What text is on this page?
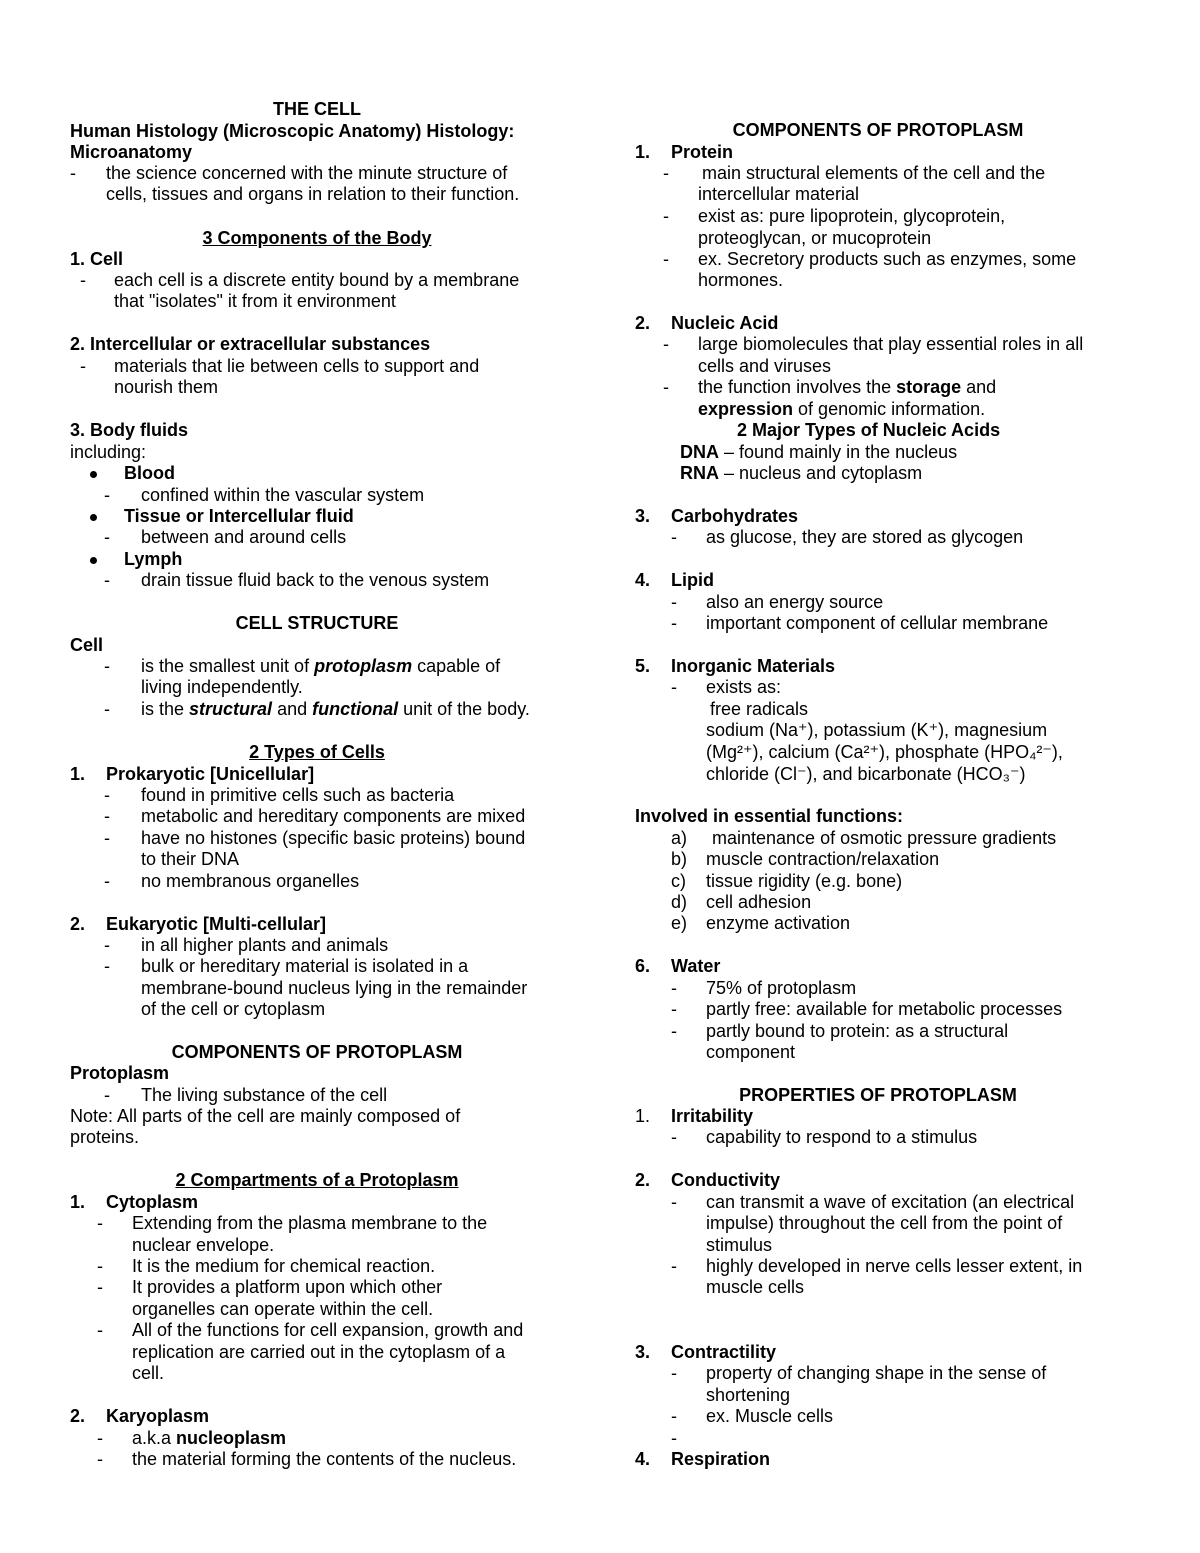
THE CELL
Human Histology (Microscopic Anatomy) Histology:
Microanatomy
- the science concerned with the minute structure of
cells, tissues and organs in relation to their function.
3 Components of the Body
1. Cell
- each cell is a discrete entity bound by a membrane
that "isolates" it from it environment
2. Intercellular or extracellular substances
- materials that lie between cells to support and
nourish them
3. Body fluids
including:
Blood
- confined within the vascular system
Tissue or Intercellular fluid
- between and around cells
Lymph
- drain tissue fluid back to the venous system
CELL STRUCTURE
Cell
- is the smallest unit of protoplasm capable of
living independently.
- is the structural and functional unit of the body.
2 Types of Cells
1. Prokaryotic [Unicellular]
- found in primitive cells such as bacteria
- metabolic and hereditary components are mixed
- have no histones (specific basic proteins) bound
to their DNA
- no membranous organelles
2. Eukaryotic [Multi-cellular]
- in all higher plants and animals
- bulk or hereditary material is isolated in a
membrane-bound nucleus lying in the remainder
of the cell or cytoplasm
COMPONENTS OF PROTOPLASM
Protoplasm
- The living substance of the cell
Note: All parts of the cell are mainly composed of
proteins.
2 Compartments of a Protoplasm
1. Cytoplasm
- Extending from the plasma membrane to the
nuclear envelope.
- It is the medium for chemical reaction.
- It provides a platform upon which other
organelles can operate within the cell.
- All of the functions for cell expansion, growth and
replication are carried out in the cytoplasm of a
cell.
2. Karyoplasm
- a.k.a nucleoplasm
- the material forming the contents of the nucleus.
COMPONENTS OF PROTOPLASM
1. Protein
- main structural elements of the cell and the
intercellular material
- exist as: pure lipoprotein, glycoprotein,
proteoglycan, or mucoprotein
- ex. Secretory products such as enzymes, some
hormones.
2. Nucleic Acid
- large biomolecules that play essential roles in all
cells and viruses
- the function involves the storage and
expression of genomic information.
2 Major Types of Nucleic Acids
DNA – found mainly in the nucleus
RNA – nucleus and cytoplasm
3. Carbohydrates
- as glucose, they are stored as glycogen
4. Lipid
- also an energy source
- important component of cellular membrane
5. Inorganic Materials
- exists as:
free radicals
sodium (Na⁺), potassium (K⁺), magnesium
(Mg²⁺), calcium (Ca²⁺), phosphate (HPO₄²⁻),
chloride (Cl⁻), and bicarbonate (HCO₃⁻)
Involved in essential functions:
a) maintenance of osmotic pressure gradients
b) muscle contraction/relaxation
c) tissue rigidity (e.g. bone)
d) cell adhesion
e) enzyme activation
6. Water
- 75% of protoplasm
- partly free: available for metabolic processes
- partly bound to protein: as a structural
component
PROPERTIES OF PROTOPLASM
1. Irritability
- capability to respond to a stimulus
2. Conductivity
- can transmit a wave of excitation (an electrical
impulse) throughout the cell from the point of
stimulus
- highly developed in nerve cells lesser extent, in
muscle cells
3. Contractility
- property of changing shape in the sense of
shortening
- ex. Muscle cells
-
4. Respiration
